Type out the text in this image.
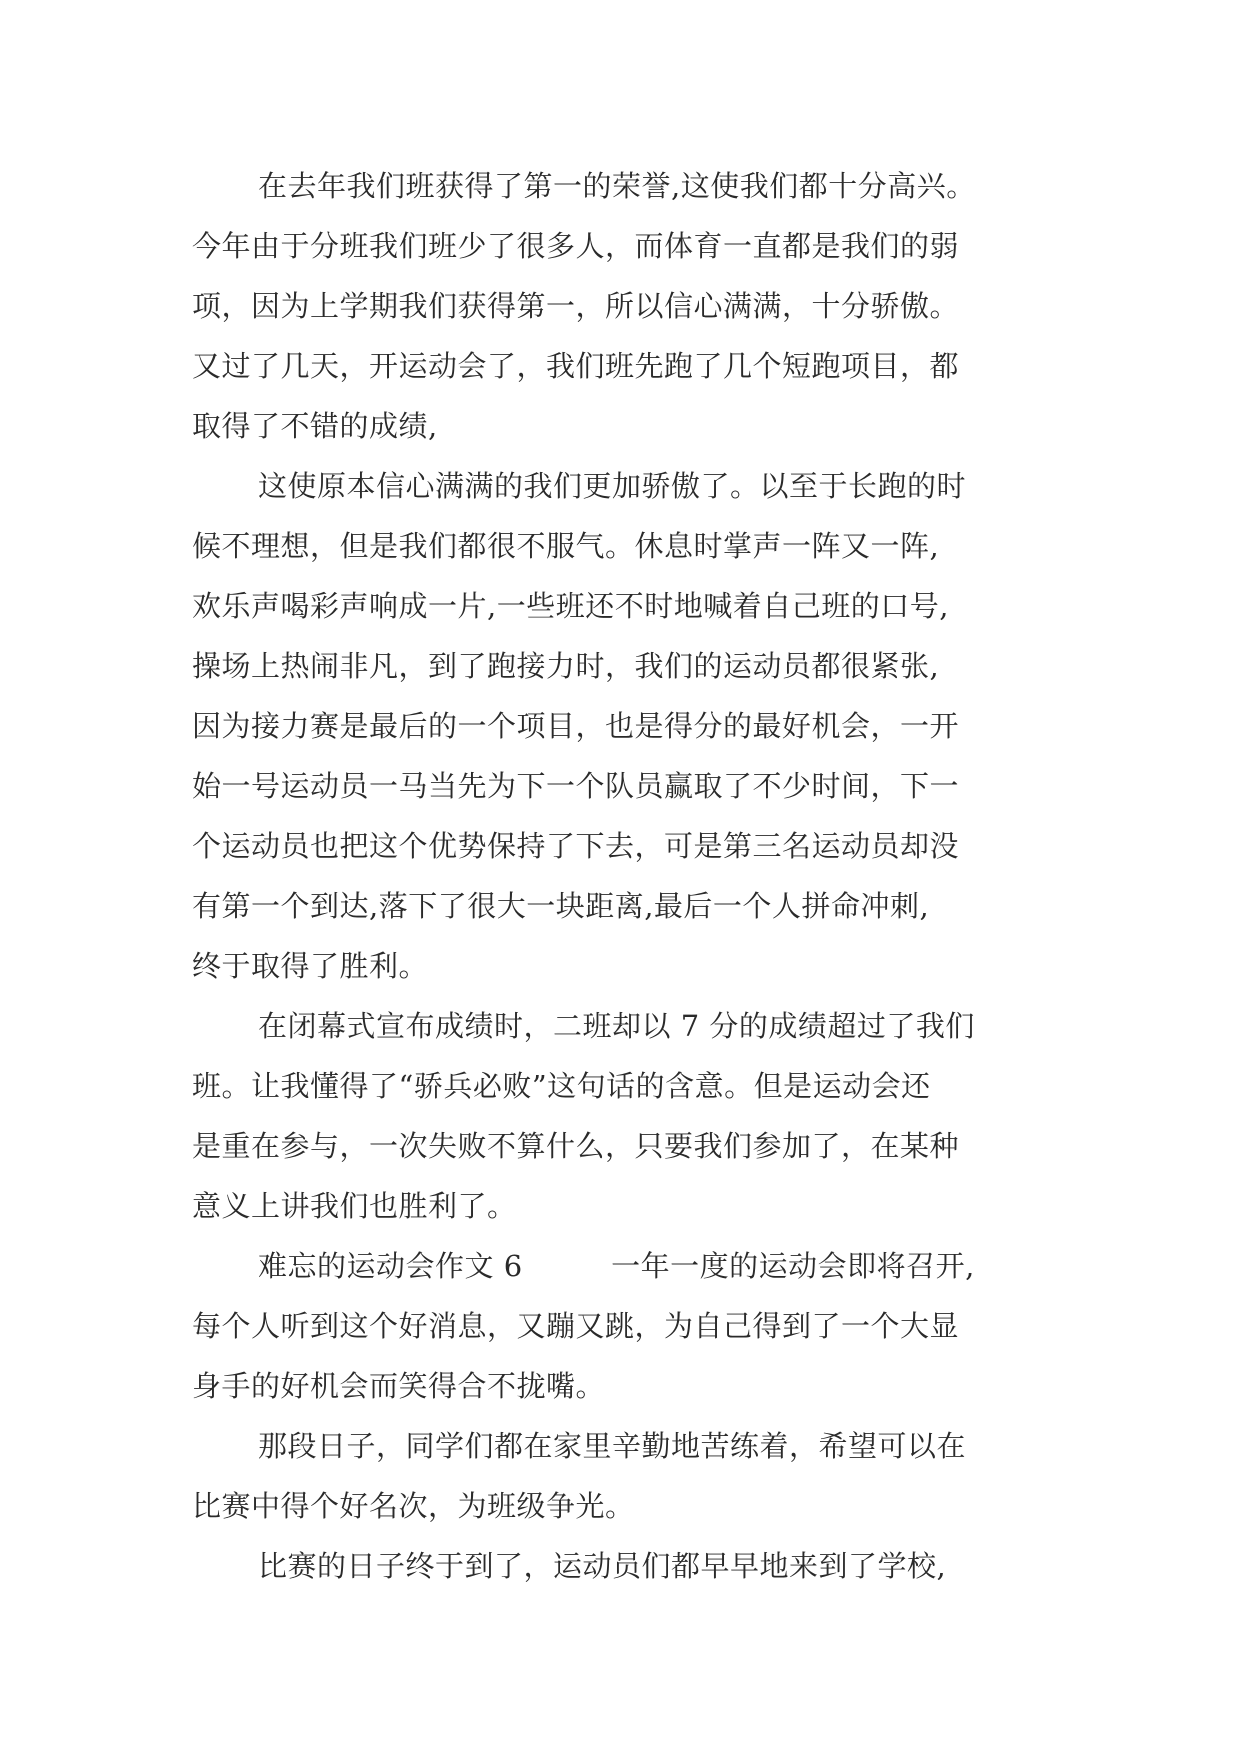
在去年我们班获得了第一的荣誉,这使我们都十分高兴。
今年由于分班我们班少了很多人，而体育一直都是我们的弱
项，因为上学期我们获得第一，所以信心满满，十分骄傲。
又过了几天，开运动会了，我们班先跑了几个短跑项目，都
取得了不错的成绩,
这使原本信心满满的我们更加骄傲了。以至于长跑的时
候不理想，但是我们都很不服气。休息时掌声一阵又一阵,
欢乐声喝彩声响成一片,一些班还不时地喊着自己班的口号,
操场上热闹非凡，到了跑接力时，我们的运动员都很紧张,
因为接力赛是最后的一个项目，也是得分的最好机会，一开
始一号运动员一马当先为下一个队员赢取了不少时间，下一
个运动员也把这个优势保持了下去，可是第三名运动员却没
有第一个到达,落下了很大一块距离,最后一个人拼命冲刺,
终于取得了胜利。
在闭幕式宣布成绩时，二班却以 7 分的成绩超过了我们
班。让我懂得了“骄兵必败”这句话的含意。但是运动会还
是重在参与，一次失败不算什么，只要我们参加了，在某种
意义上讲我们也胜利了。
难忘的运动会作文 6　　　一年一度的运动会即将召开,
每个人听到这个好消息，又蹦又跳，为自己得到了一个大显
身手的好机会而笑得合不拢嘴。
那段日子，同学们都在家里辛勤地苦练着，希望可以在
比赛中得个好名次，为班级争光。
比赛的日子终于到了，运动员们都早早地来到了学校,
